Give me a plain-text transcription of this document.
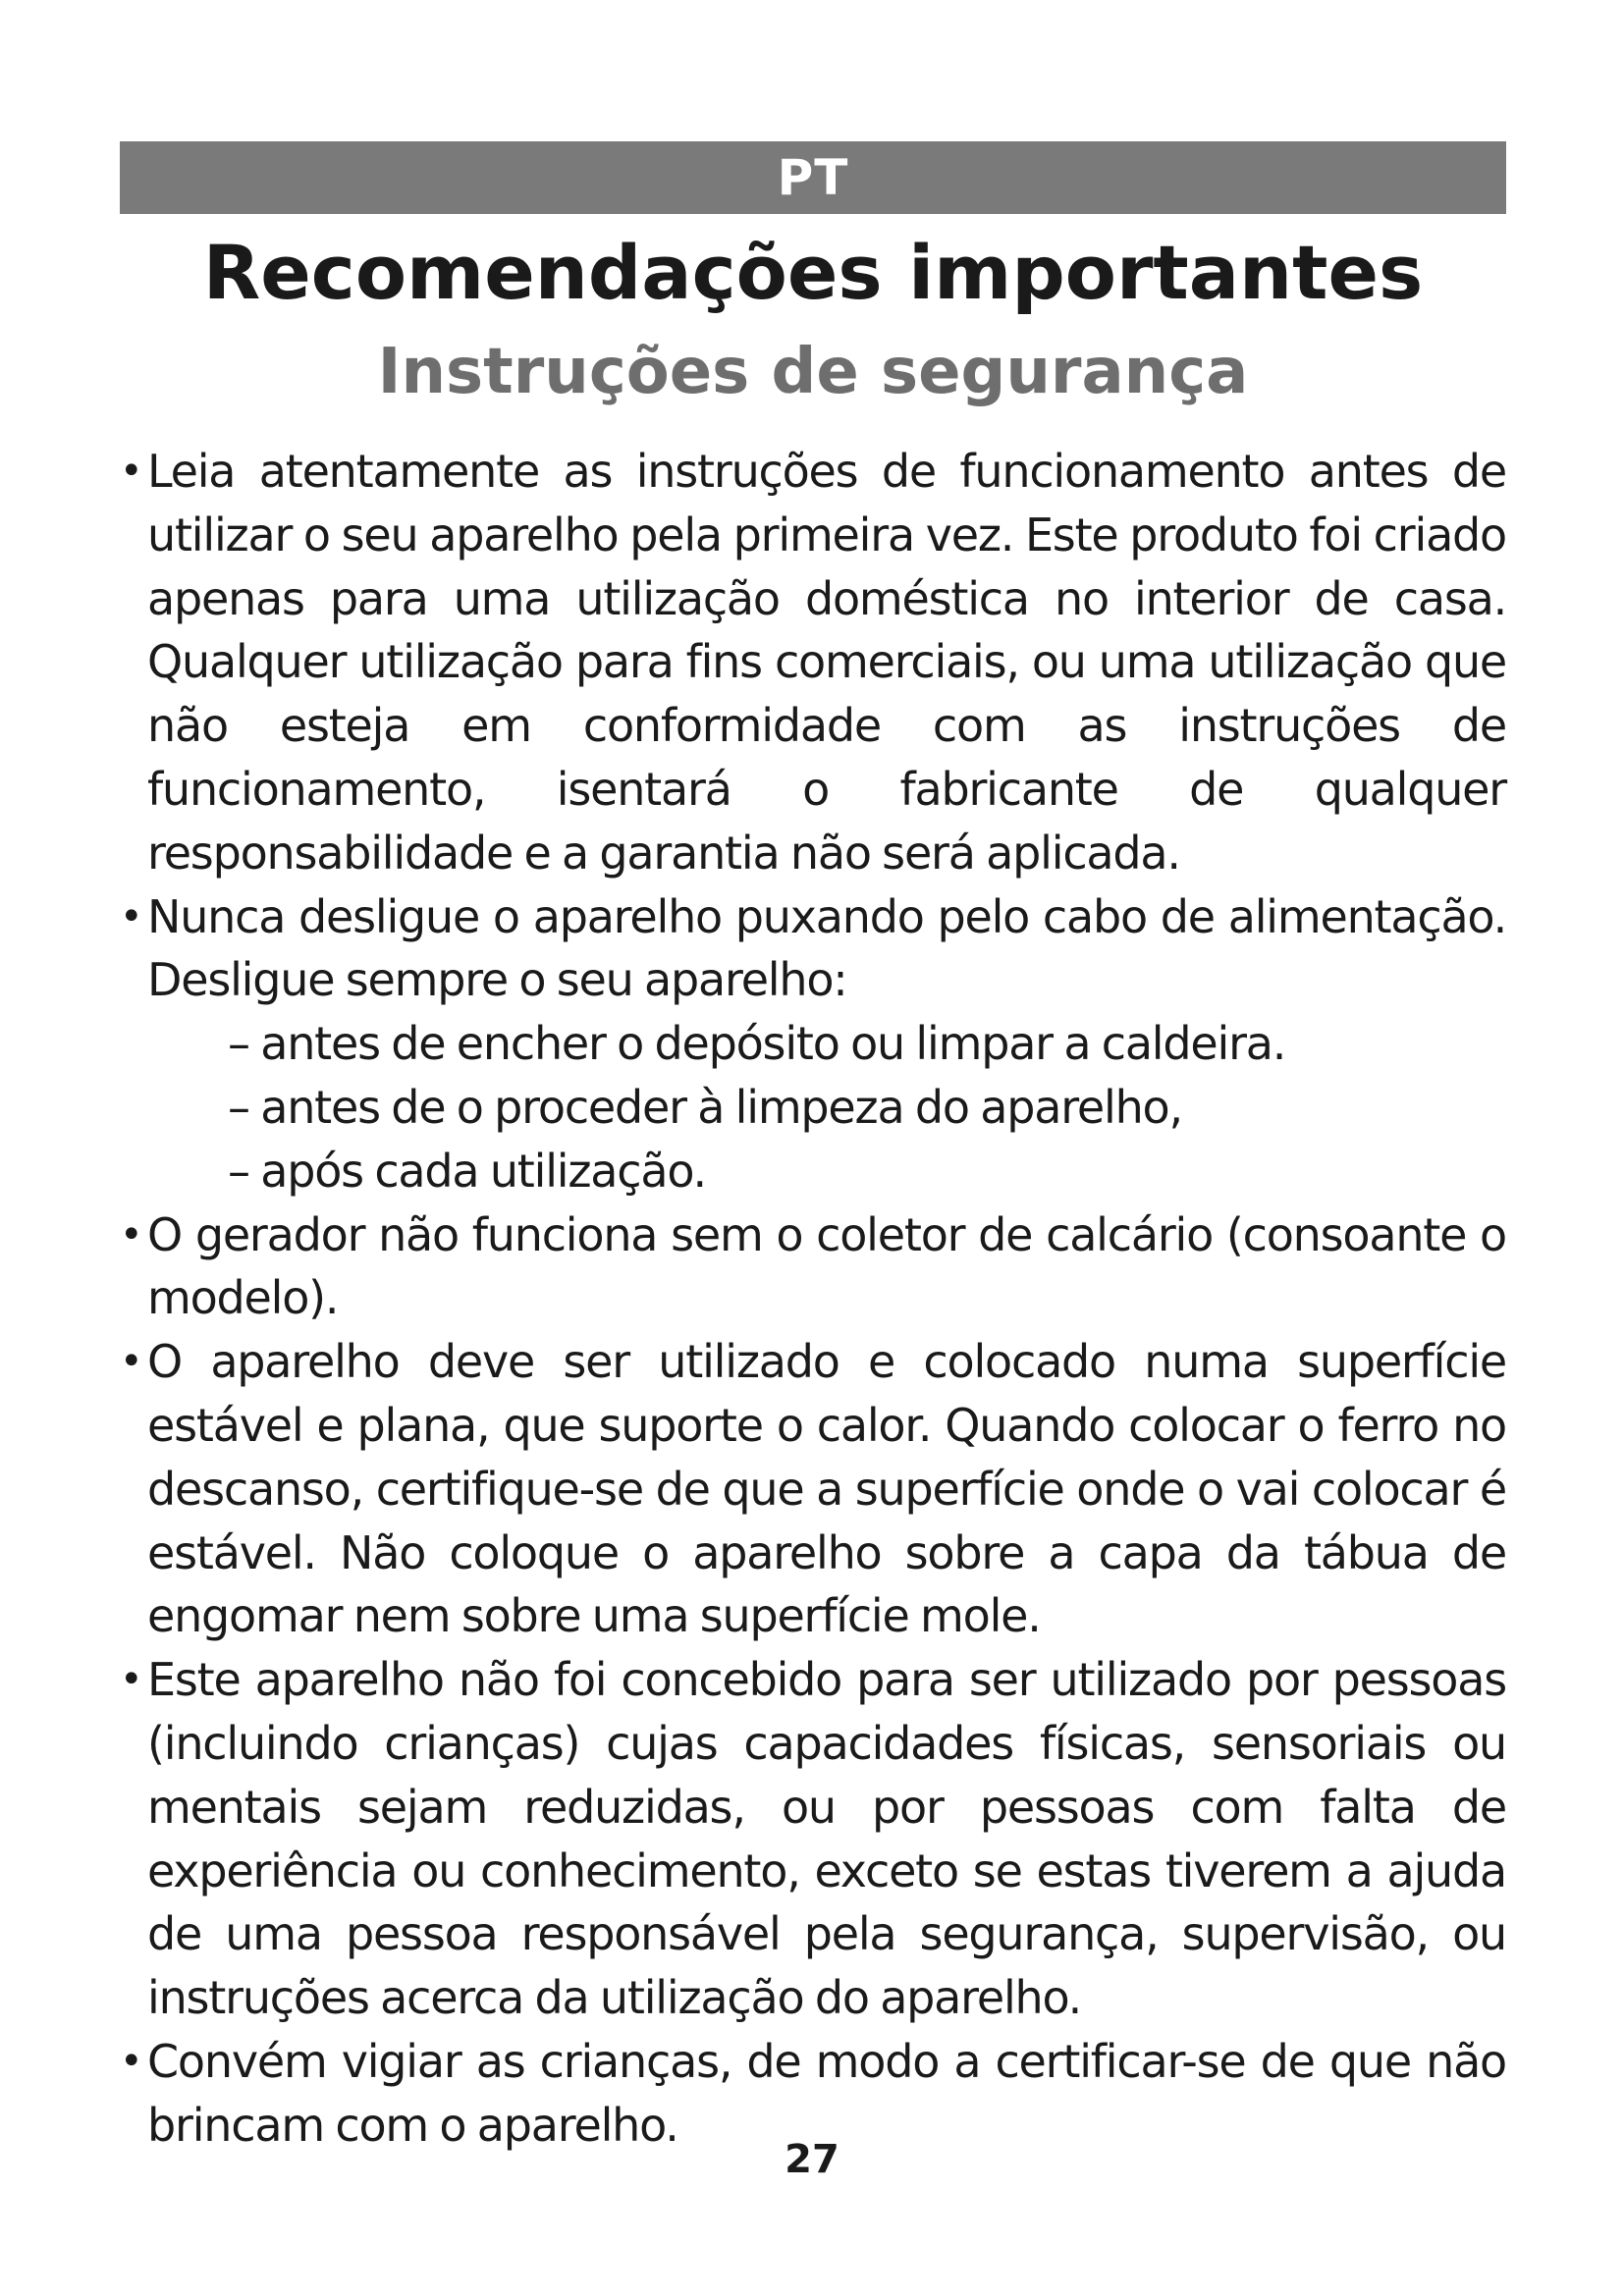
PT
Recomendações importantes
Instruções de segurança
• Leia atentamente as instruções de funcionamento antes de utilizar o seu aparelho pela primeira vez. Este produto foi criado apenas para uma utilização doméstica no interior de casa. Qualquer utilização para fins comerciais, ou uma utilização que não esteja em conformidade com as instruções de funcionamento, isentará o fabricante de qualquer responsabilidade e a garantia não será aplicada.
• Nunca desligue o aparelho puxando pelo cabo de alimentação. Desligue sempre o seu aparelho:
– antes de encher o depósito ou limpar a caldeira.
– antes de o proceder à limpeza do aparelho,
– após cada utilização.
• O gerador não funciona sem o coletor de calcário (consoante o modelo).
• O aparelho deve ser utilizado e colocado numa superfície estável e plana, que suporte o calor. Quando colocar o ferro no descanso, certifique-se de que a superfície onde o vai colocar é estável. Não coloque o aparelho sobre a capa da tábua de engomar nem sobre uma superfície mole.
• Este aparelho não foi concebido para ser utilizado por pessoas (incluindo crianças) cujas capacidades físicas, sensoriais ou mentais sejam reduzidas, ou por pessoas com falta de experiência ou conhecimento, exceto se estas tiverem a ajuda de uma pessoa responsável pela segurança, supervisão, ou instruções acerca da utilização do aparelho.
• Convém vigiar as crianças, de modo a certificar-se de que não brincam com o aparelho.
27
